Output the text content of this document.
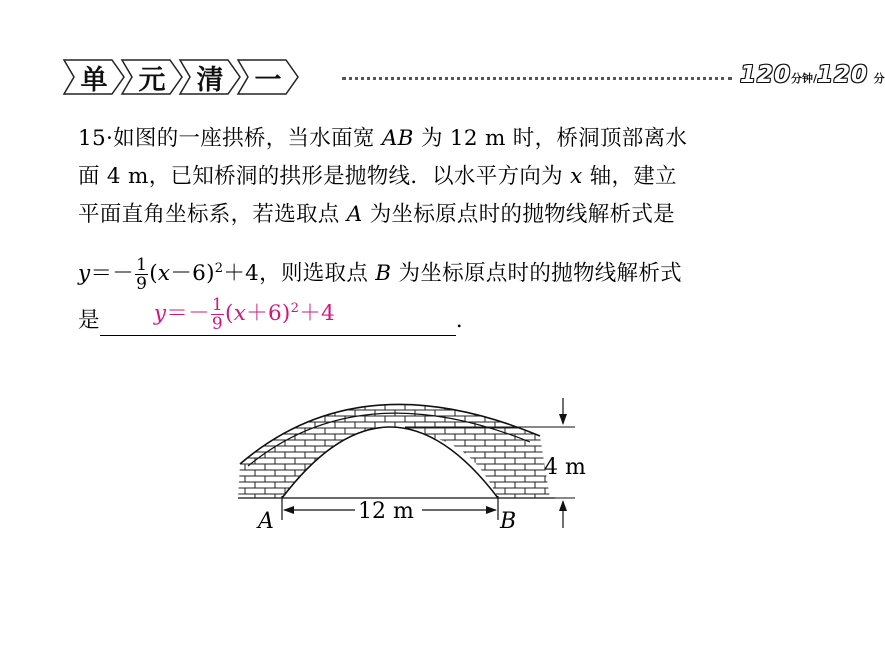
单	元	清	一	120分钟/120 分
15·如图的一座拱桥，当水面宽 AB 为 12 m 时，桥洞顶部离水
面 4 m，已知桥洞的拱形是抛物线．以水平方向为 x 轴，建立
平面直角坐标系，若选取点 A 为坐标原点时的抛物线解析式是
$y=- \frac{1}{9} (x-6)^2+4$，则选取点 B 为坐标原点时的抛物线解析式
是	$y=- \frac{1}{9} (x+6)^2+4$	．
12 m
4 m
A	B
